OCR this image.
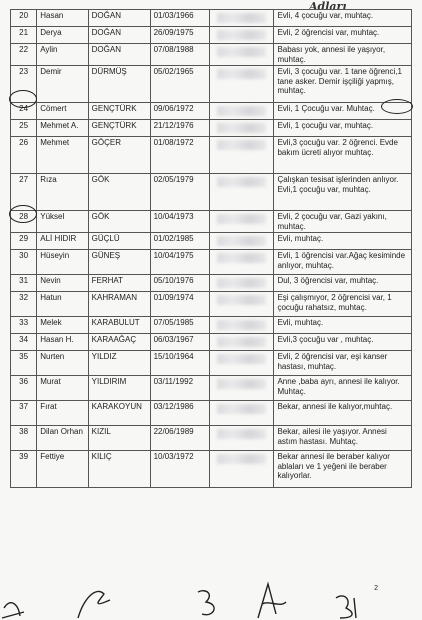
Adları
20	Hasan	DOĞAN	01/03/1966		Evli, 4 çocuğu var, muhtaç.
21	Derya	DOĞAN	26/09/1975		Evli, 2 öğrencisi var, muhtaç.
22	Aylin	DOĞAN	07/08/1988		Babası yok, annesi ile yaşıyor, muhtaç.
23	Demir	DÜRMÜŞ	05/02/1965		Evli, 3 çocuğu var. 1 tane öğrenci,1 tane asker. Demir işçiliği yapmış, muhtaç.
24	Cömert	GENÇTÜRK	09/06/1972		Evli, 1 Çocuğu var. Muhtaç.
25	Mehmet A.	GENÇTÜRK	21/12/1976		Evli, 1 çocuğu var, muhtaç.
26	Mehmet	GÖÇER	01/08/1972		Evli,3 çocuğu var. 2 öğrenci. Evde bakım ücreti alıyor muhtaç.
27	Rıza	GÖK	02/05/1979		Çalışkan tesisat işlerinden anlıyor. Evli,1 çocuğu var, muhtaç.
28	Yüksel	GÖK	10/04/1973		Evli, 2 çocuğu var, Gazi yakını, muhtaç.
29	ALİ HIDIR	GÜÇLÜ	01/02/1985		Evli, muhtaç.
30	Hüseyin	GÜNEŞ	10/04/1975		Evli, 1 öğrencisi var.Ağaç kesiminde anlıyor, muhtaç.
31	Nevin	FERHAT	05/10/1976		Dul, 3 öğrencisi var, muhtaç.
32	Hatun	KAHRAMAN	01/09/1974		Eşi çalışmıyor, 2 öğrencisi var, 1 çocuğu rahatsız, muhtaç.
33	Melek	KARABULUT	07/05/1985		Evli, muhtaç.
34	Hasan H.	KARAAĞAÇ	06/03/1967		Evli,3 çocuğu var , muhtaç.
35	Nurten	YILDIZ	15/10/1964		Evli, 2 öğrencisi var, eşi kanser hastası, muhtaç.
36	Murat	YILDIRIM	03/11/1992		Anne ,baba ayrı, annesi ile kalıyor. Muhtaç.
37	Fırat	KARAKOYUN	03/12/1986		Bekar, annesi ile kalıyor,muhtaç.
38	Dilan Orhan	KIZIL	22/06/1989		Bekar, ailesi ile yaşıyor. Annesi astım hastası. Muhtaç.
39	Fettiye	KILIÇ	10/03/1972		Bekar annesi ile beraber kalıyor ablaları ve 1 yeğeni ile beraber kalıyorlar.
2
